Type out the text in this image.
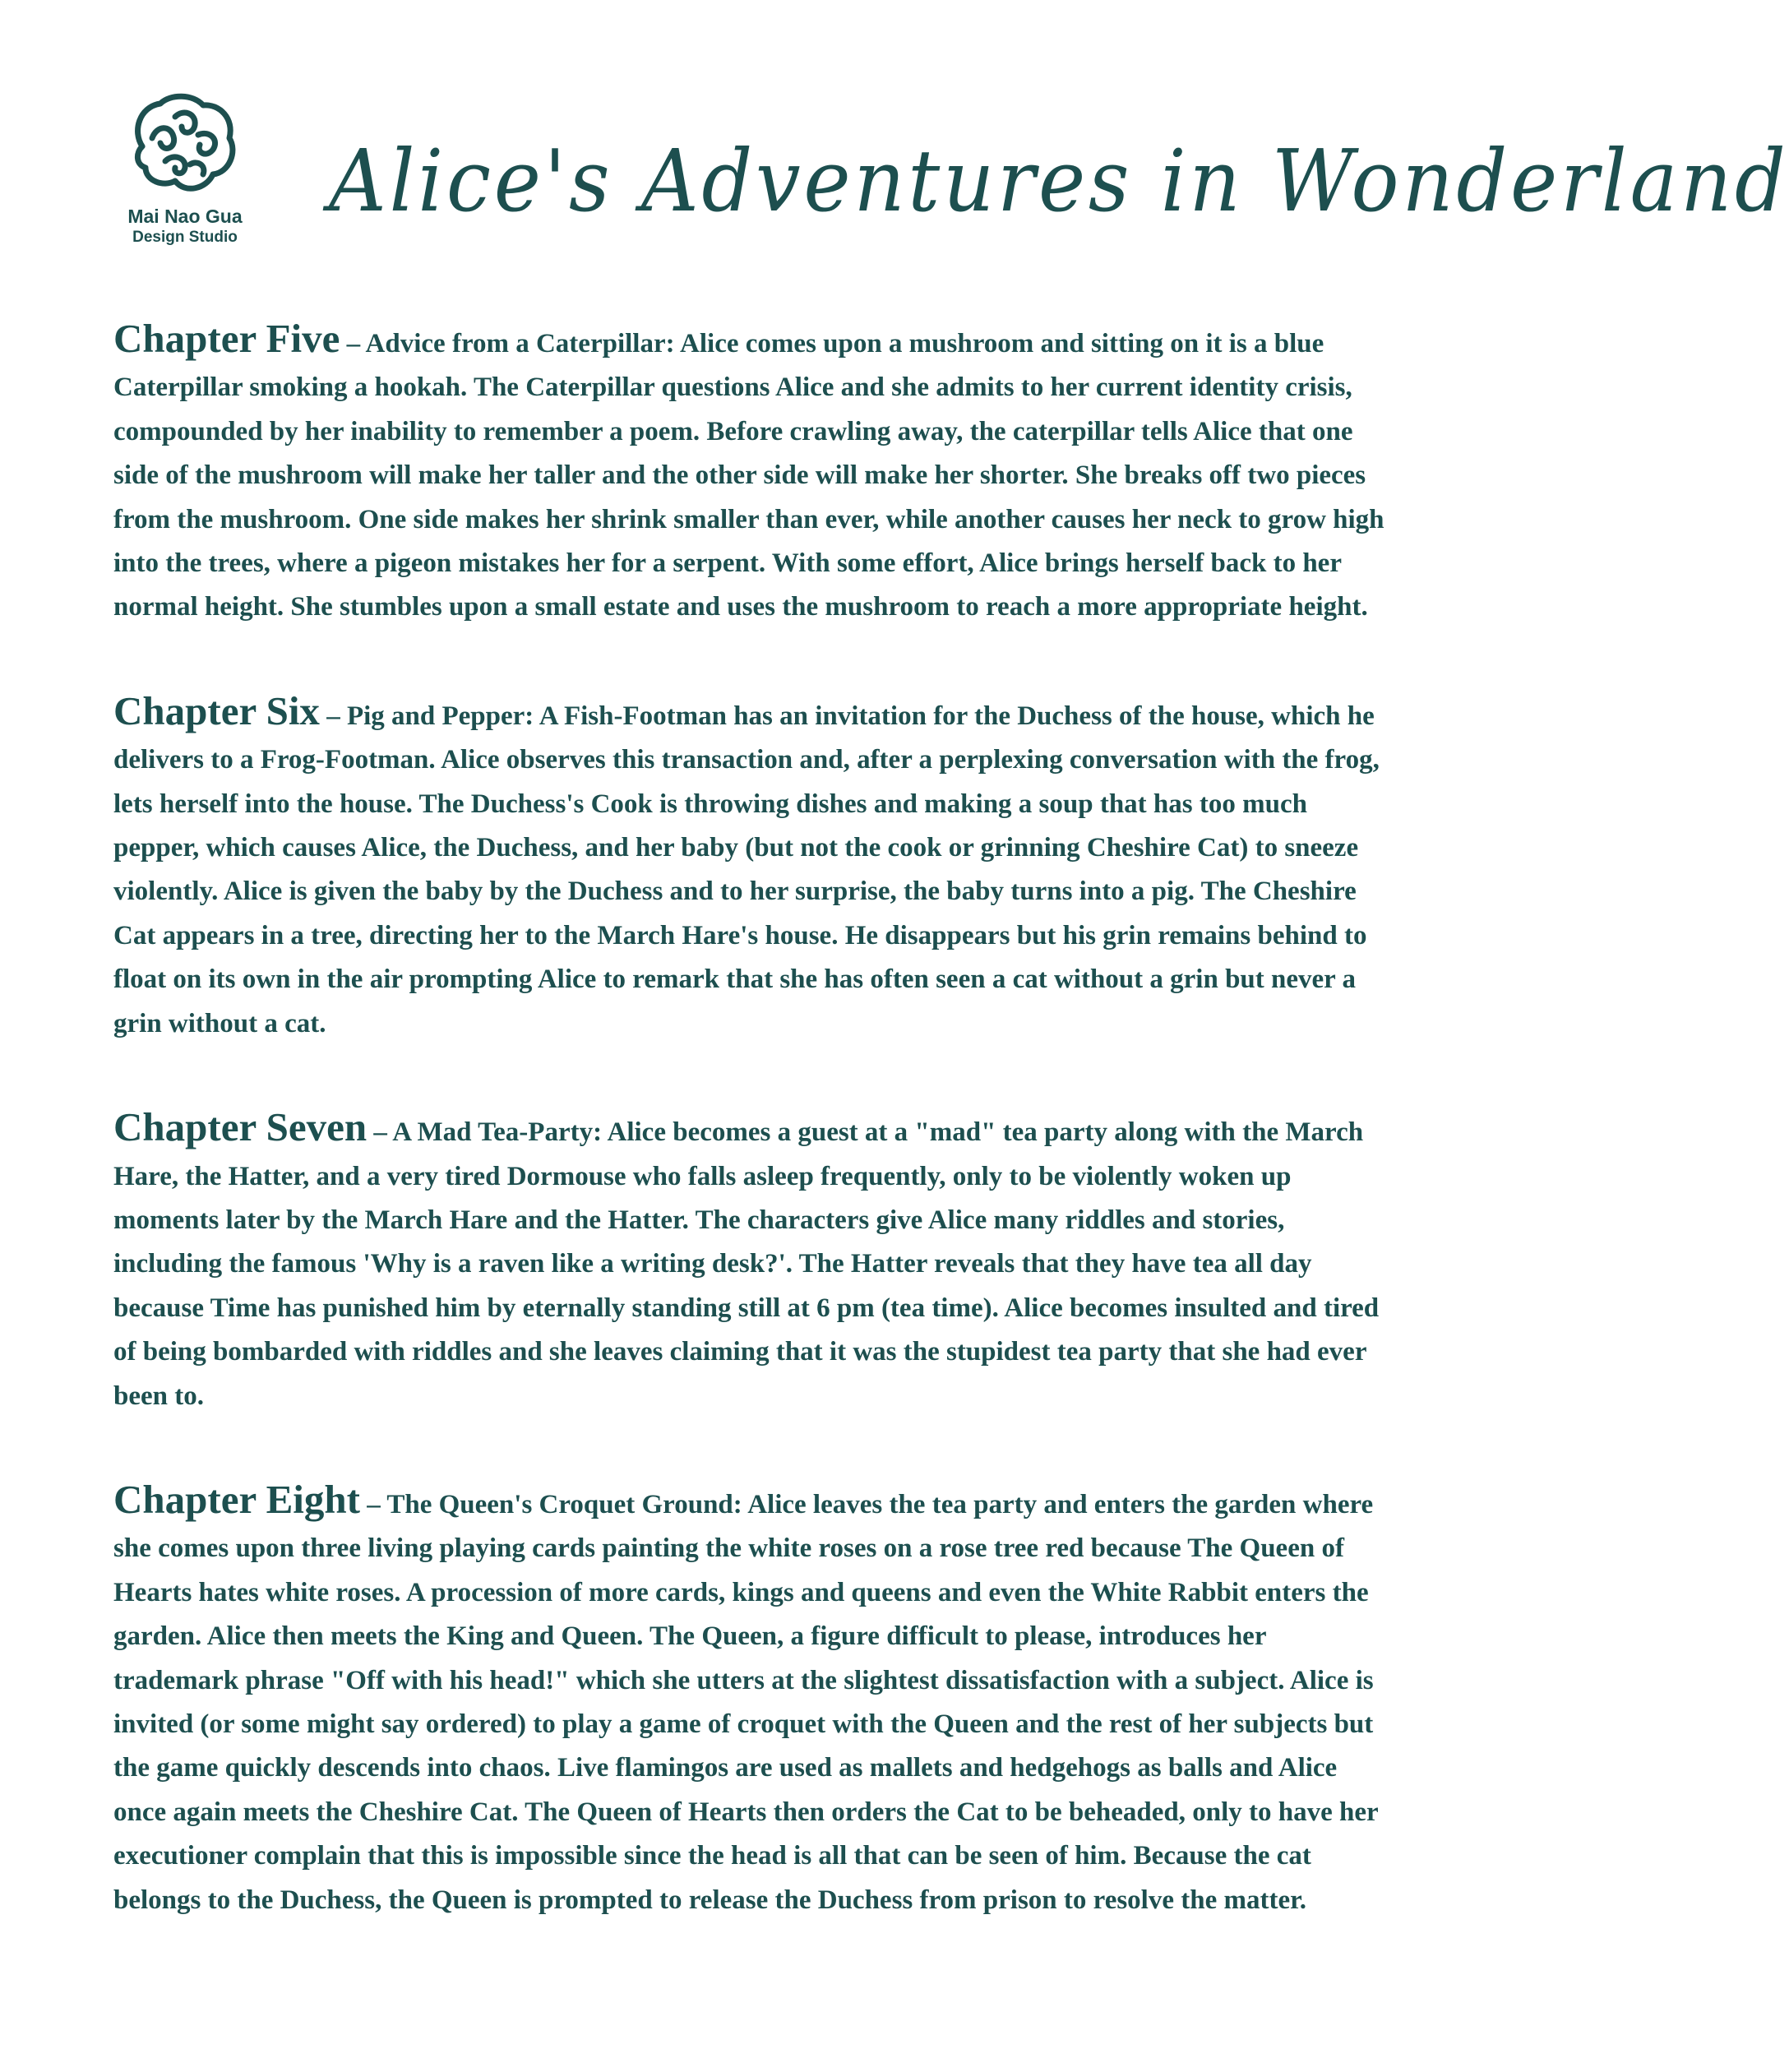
Mai Nao Gua
Design Studio
Alice's Adventures in Wonderland

Chapter Five – Advice from a Caterpillar: Alice comes upon a mushroom and sitting on it is a blue Caterpillar smoking a hookah. The Caterpillar questions Alice and she admits to her current identity crisis, compounded by her inability to remember a poem. Before crawling away, the caterpillar tells Alice that one side of the mushroom will make her taller and the other side will make her shorter. She breaks off two pieces from the mushroom. One side makes her shrink smaller than ever, while another causes her neck to grow high into the trees, where a pigeon mistakes her for a serpent. With some effort, Alice brings herself back to her normal height. She stumbles upon a small estate and uses the mushroom to reach a more appropriate height.

Chapter Six – Pig and Pepper: A Fish-Footman has an invitation for the Duchess of the house, which he delivers to a Frog-Footman. Alice observes this transaction and, after a perplexing conversation with the frog, lets herself into the house. The Duchess's Cook is throwing dishes and making a soup that has too much pepper, which causes Alice, the Duchess, and her baby (but not the cook or grinning Cheshire Cat) to sneeze violently. Alice is given the baby by the Duchess and to her surprise, the baby turns into a pig. The Cheshire Cat appears in a tree, directing her to the March Hare's house. He disappears but his grin remains behind to float on its own in the air prompting Alice to remark that she has often seen a cat without a grin but never a grin without a cat.

Chapter Seven – A Mad Tea-Party: Alice becomes a guest at a "mad" tea party along with the March Hare, the Hatter, and a very tired Dormouse who falls asleep frequently, only to be violently woken up moments later by the March Hare and the Hatter. The characters give Alice many riddles and stories, including the famous 'Why is a raven like a writing desk?'. The Hatter reveals that they have tea all day because Time has punished him by eternally standing still at 6 pm (tea time). Alice becomes insulted and tired of being bombarded with riddles and she leaves claiming that it was the stupidest tea party that she had ever been to.

Chapter Eight – The Queen's Croquet Ground: Alice leaves the tea party and enters the garden where she comes upon three living playing cards painting the white roses on a rose tree red because The Queen of Hearts hates white roses. A procession of more cards, kings and queens and even the White Rabbit enters the garden. Alice then meets the King and Queen. The Queen, a figure difficult to please, introduces her trademark phrase "Off with his head!" which she utters at the slightest dissatisfaction with a subject. Alice is invited (or some might say ordered) to play a game of croquet with the Queen and the rest of her subjects but the game quickly descends into chaos. Live flamingos are used as mallets and hedgehogs as balls and Alice once again meets the Cheshire Cat. The Queen of Hearts then orders the Cat to be beheaded, only to have her executioner complain that this is impossible since the head is all that can be seen of him. Because the cat belongs to the Duchess, the Queen is prompted to release the Duchess from prison to resolve the matter.
